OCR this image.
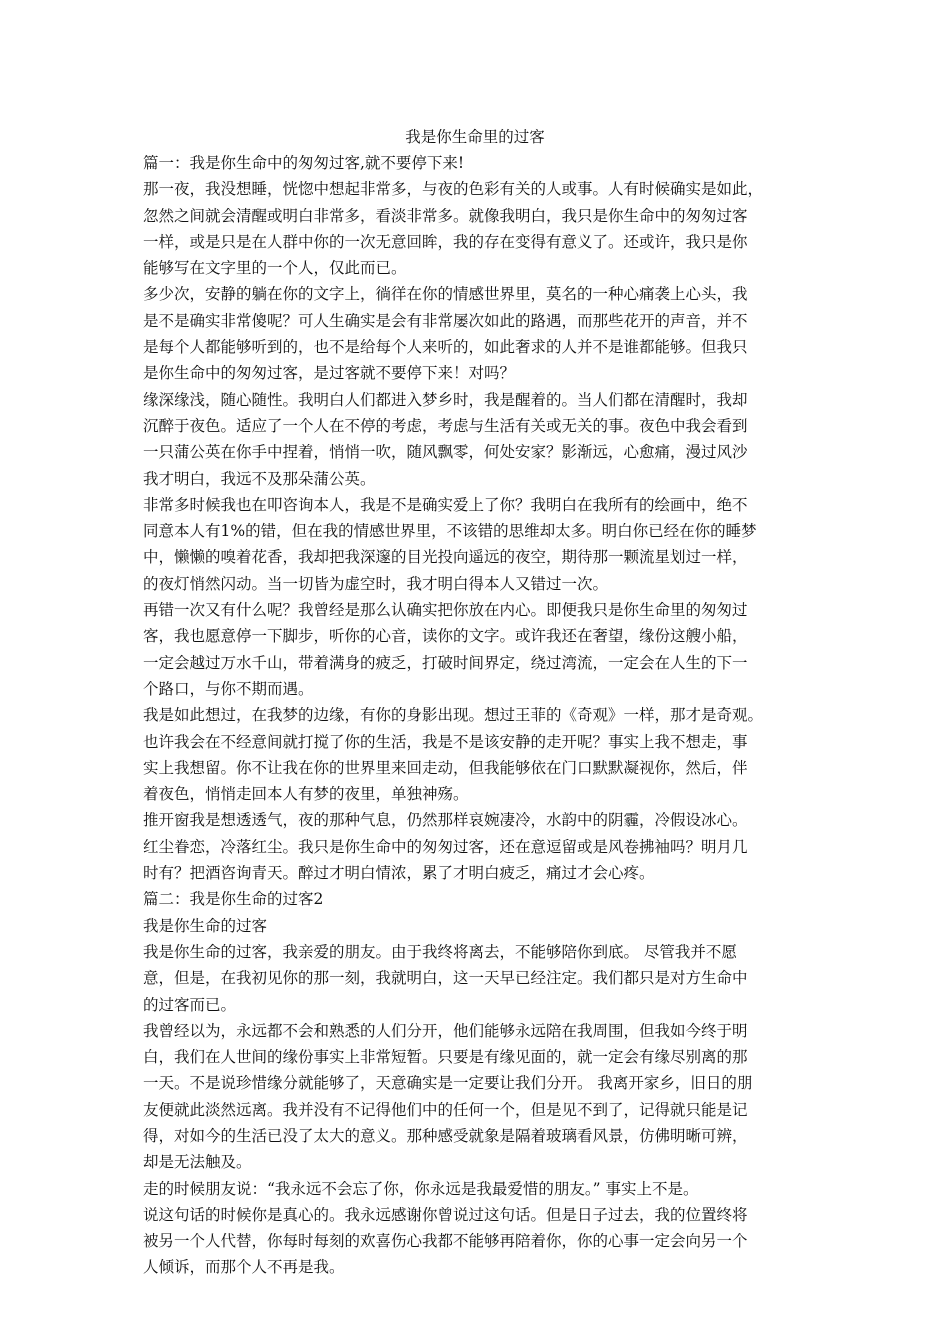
我是你生命里的过客
篇一：我是你生命中的匆匆过客,就不要停下来!
那一夜，我没想睡，恍惚中想起非常多，与夜的色彩有关的人或事。人有时候确实是如此，
忽然之间就会清醒或明白非常多，看淡非常多。就像我明白，我只是你生命中的匆匆过客
一样，或是只是在人群中你的一次无意回眸，我的存在变得有意义了。还或许，我只是你
能够写在文字里的一个人，仅此而已。
多少次，安静的躺在你的文字上，徜徉在你的情感世界里，莫名的一种心痛袭上心头，我
是不是确实非常傻呢？可人生确实是会有非常屡次如此的路遇，而那些花开的声音，并不
是每个人都能够听到的，也不是给每个人来听的，如此奢求的人并不是谁都能够。但我只
是你生命中的匆匆过客，是过客就不要停下来！对吗？
缘深缘浅，随心随性。我明白人们都进入梦乡时，我是醒着的。当人们都在清醒时，我却
沉醉于夜色。适应了一个人在不停的考虑，考虑与生活有关或无关的事。夜色中我会看到
一只蒲公英在你手中捏着，悄悄一吹，随风飘零，何处安家？影渐远，心愈痛，漫过风沙
我才明白，我远不及那朵蒲公英。
非常多时候我也在叩咨询本人，我是不是确实爱上了你？我明白在我所有的绘画中，绝不
同意本人有1%的错，但在我的情感世界里，不该错的思维却太多。明白你已经在你的睡梦
中，懒懒的嗅着花香，我却把我深邃的目光投向遥远的夜空，期待那一颗流星划过一样，
的夜灯悄然闪动。当一切皆为虚空时，我才明白得本人又错过一次。
再错一次又有什么呢？我曾经是那么认确实把你放在内心。即便我只是你生命里的匆匆过
客，我也愿意停一下脚步，听你的心音，读你的文字。或许我还在奢望，缘份这艘小船，
一定会越过万水千山，带着满身的疲乏，打破时间界定，绕过湾流，一定会在人生的下一
个路口，与你不期而遇。
我是如此想过，在我梦的边缘，有你的身影出现。想过王菲的《奇观》一样，那才是奇观。
也许我会在不经意间就打搅了你的生活，我是不是该安静的走开呢？事实上我不想走，事
实上我想留。你不让我在你的世界里来回走动，但我能够依在门口默默凝视你，然后，伴
着夜色，悄悄走回本人有梦的夜里，单独神殇。
推开窗我是想透透气，夜的那种气息，仍然那样哀婉凄冷，水韵中的阴霾，冷假设冰心。
红尘眷恋，冷落红尘。我只是你生命中的匆匆过客，还在意逗留或是风卷拂袖吗？明月几
时有？把酒咨询青天。醉过才明白情浓，累了才明白疲乏，痛过才会心疼。
篇二：我是你生命的过客2
我是你生命的过客
我是你生命的过客，我亲爱的朋友。由于我终将离去，不能够陪你到底。 尽管我并不愿
意，但是，在我初见你的那一刻，我就明白，这一天早已经注定。我们都只是对方生命中
的过客而已。
我曾经以为，永远都不会和熟悉的人们分开，他们能够永远陪在我周围，但我如今终于明
白，我们在人世间的缘份事实上非常短暂。只要是有缘见面的，就一定会有缘尽别离的那
一天。不是说珍惜缘分就能够了，天意确实是一定要让我们分开。 我离开家乡，旧日的朋
友便就此淡然远离。我并没有不记得他们中的任何一个，但是见不到了，记得就只能是记
得，对如今的生活已没了太大的意义。那种感受就象是隔着玻璃看风景，仿佛明晰可辨，
却是无法触及。
走的时候朋友说：“我永远不会忘了你，你永远是我最爱惜的朋友。” 事实上不是。
说这句话的时候你是真心的。我永远感谢你曾说过这句话。但是日子过去，我的位置终将
被另一个人代替，你每时每刻的欢喜伤心我都不能够再陪着你，你的心事一定会向另一个
人倾诉，而那个人不再是我。
